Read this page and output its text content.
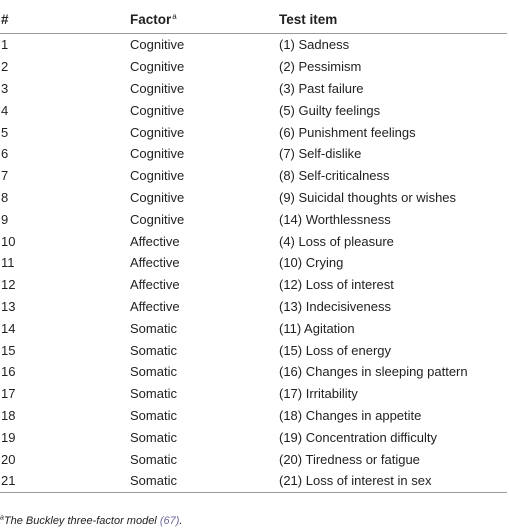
#	Factor$^a$	Test item
1	Cognitive	(1) Sadness
2	Cognitive	(2) Pessimism
3	Cognitive	(3) Past failure
4	Cognitive	(5) Guilty feelings
5	Cognitive	(6) Punishment feelings
6	Cognitive	(7) Self-dislike
7	Cognitive	(8) Self-criticalness
8	Cognitive	(9) Suicidal thoughts or wishes
9	Cognitive	(14) Worthlessness
10	Affective	(4) Loss of pleasure
11	Affective	(10) Crying
12	Affective	(12) Loss of interest
13	Affective	(13) Indecisiveness
14	Somatic	(11) Agitation
15	Somatic	(15) Loss of energy
16	Somatic	(16) Changes in sleeping pattern
17	Somatic	(17) Irritability
18	Somatic	(18) Changes in appetite
19	Somatic	(19) Concentration difficulty
20	Somatic	(20) Tiredness or fatigue
21	Somatic	(21) Loss of interest in sex
$^a$The Buckley three-factor model (67).
